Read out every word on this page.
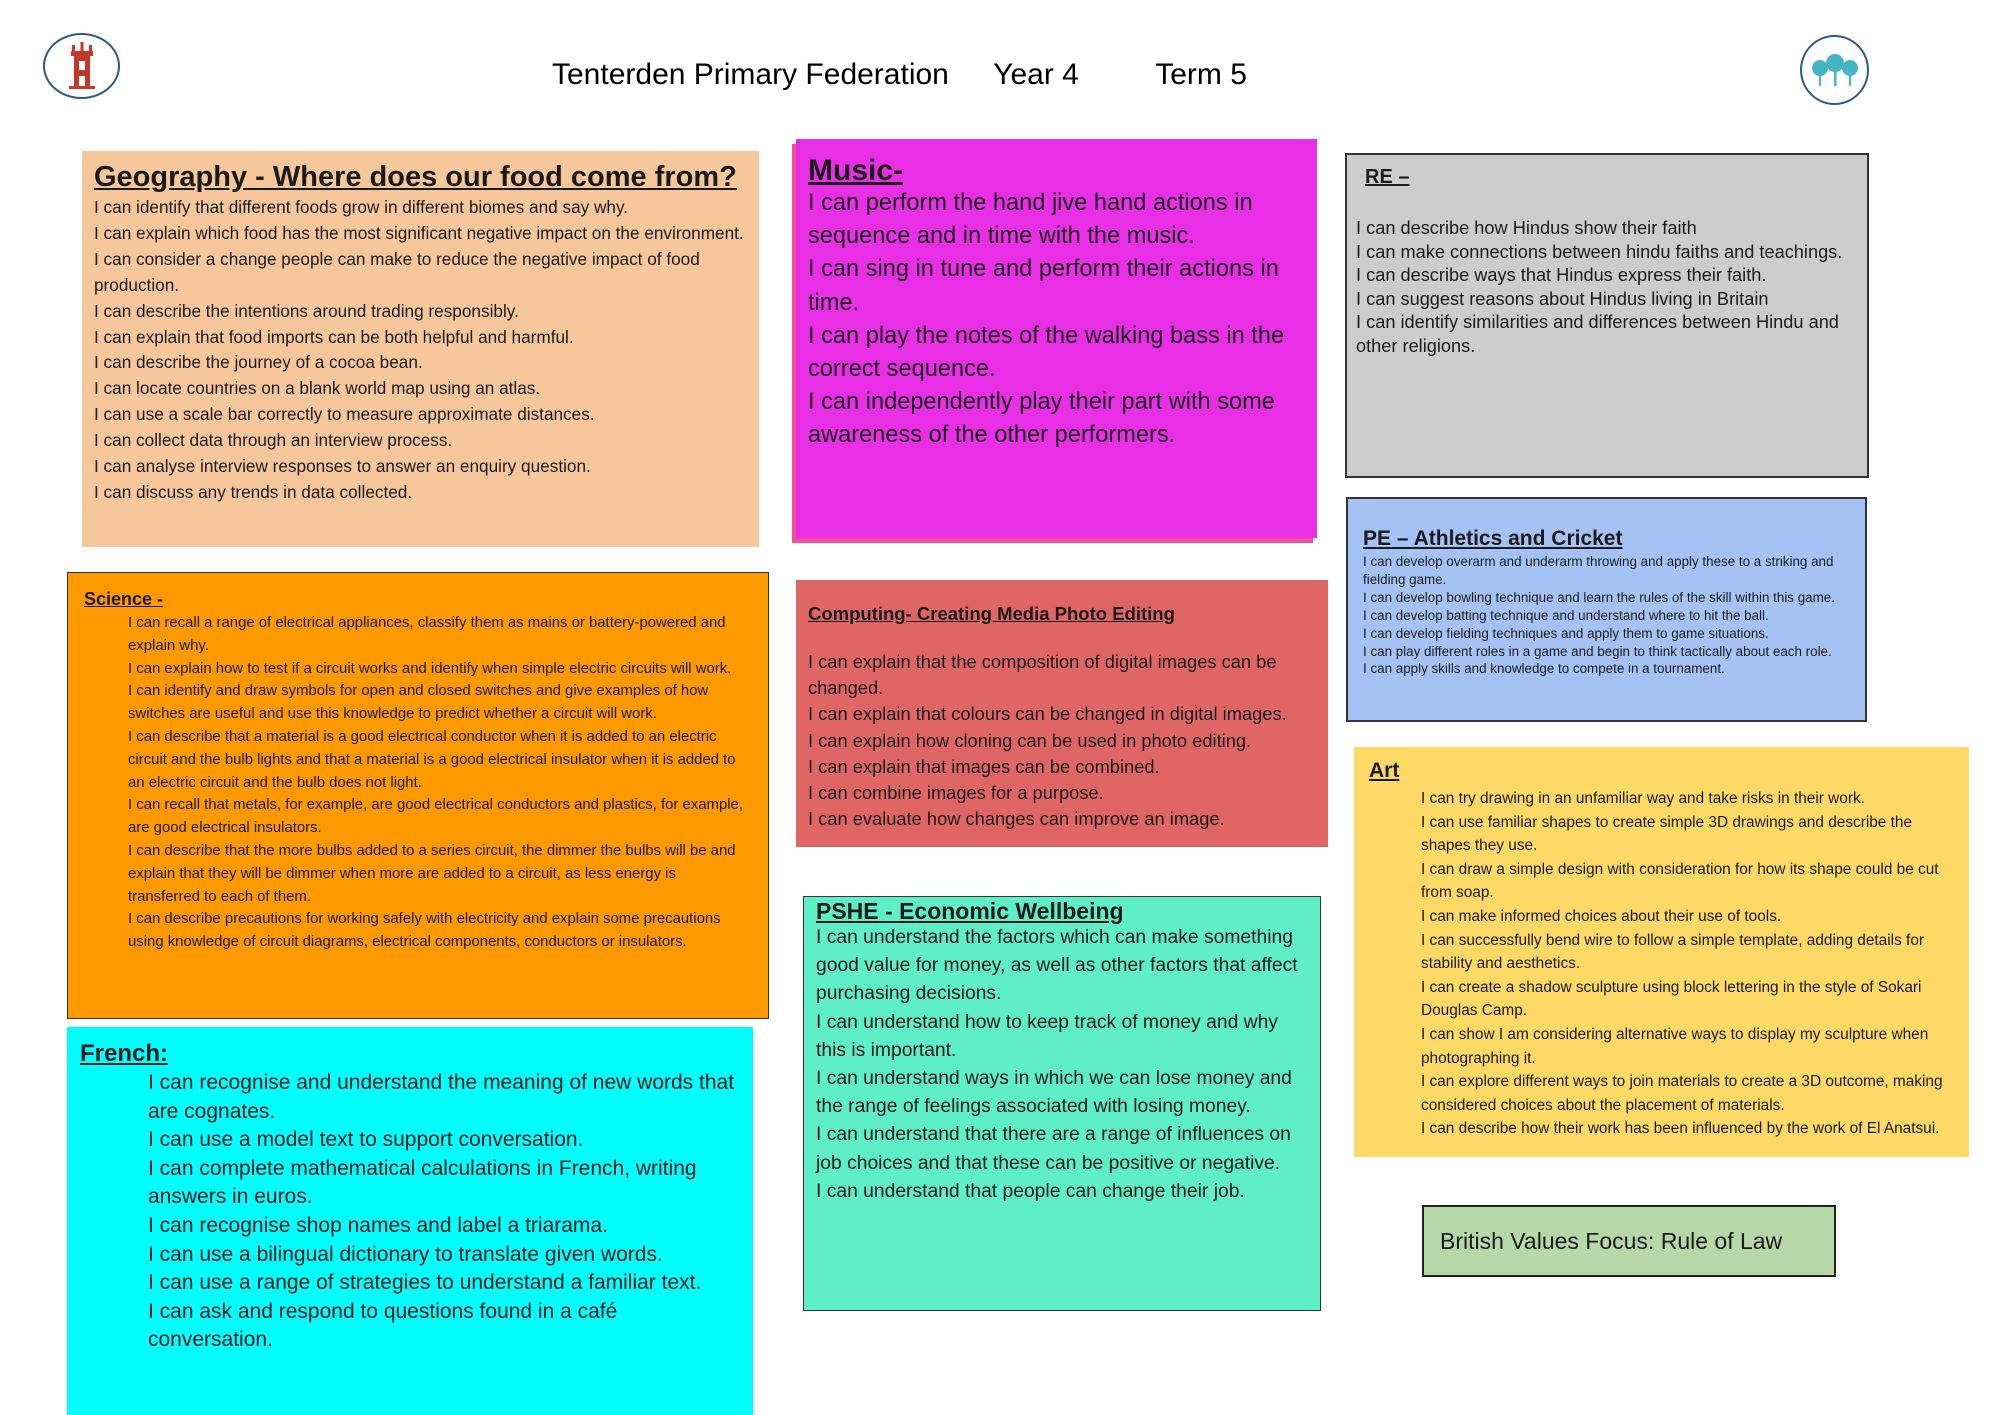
Tenterden Primary Federation Year 4	Term 5
Geography - Where does our food come from?
I can identify that different foods grow in different biomes and say why.
I can explain which food has the most significant negative impact on the environment.
I can consider a change people can make to reduce the negative impact of food production.
I can describe the intentions around trading responsibly.
I can explain that food imports can be both helpful and harmful.
I can describe the journey of a cocoa bean.
I can locate countries on a blank world map using an atlas.
I can use a scale bar correctly to measure approximate distances.
I can collect data through an interview process.
I can analyse interview responses to answer an enquiry question.
I can discuss any trends in data collected.
Music-
I can perform the hand jive hand actions in sequence and in time with the music.
I can sing in tune and perform their actions in time.
I can play the notes of the walking bass in the correct sequence.
I can independently play their part with some awareness of the other performers.
RE –
I can describe how Hindus show their faith
I can make connections between hindu faiths and teachings.
I can describe ways that Hindus express their faith.
I can suggest reasons about Hindus living in Britain
I can identify similarities and differences between Hindu and other religions.
PE – Athletics and Cricket
I can develop overarm and underarm throwing and apply these to a striking and fielding game.
I can develop bowling technique and learn the rules of the skill within this game.
I can develop batting technique and understand where to hit the ball.
I can develop fielding techniques and apply them to game situations.
I can play different roles in a game and begin to think tactically about each role.
I can apply skills and knowledge to compete in a tournament.
Science -
I can recall a range of electrical appliances, classify them as mains or battery-powered and explain why.
I can explain how to test if a circuit works and identify when simple electric circuits will work.
I can identify and draw symbols for open and closed switches and give examples of how switches are useful and use this knowledge to predict whether a circuit will work.
I can describe that a material is a good electrical conductor when it is added to an electric circuit and the bulb lights and that a material is a good electrical insulator when it is added to an electric circuit and the bulb does not light.
I can recall that metals, for example, are good electrical conductors and plastics, for example, are good electrical insulators.
I can describe that the more bulbs added to a series circuit, the dimmer the bulbs will be and explain that they will be dimmer when more are added to a circuit, as less energy is transferred to each of them.
I can describe precautions for working safely with electricity and explain some precautions using knowledge of circuit diagrams, electrical components, conductors or insulators.
Computing- Creating Media Photo Editing
I can explain that the composition of digital images can be changed.
I can explain that colours can be changed in digital images.
I can explain how cloning can be used in photo editing.
I can explain that images can be combined.
I can combine images for a purpose.
I can evaluate how changes can improve an image.
Art
I can try drawing in an unfamiliar way and take risks in their work.
I can use familiar shapes to create simple 3D drawings and describe the shapes they use.
I can draw a simple design with consideration for how its shape could be cut from soap.
I can make informed choices about their use of tools.
I can successfully bend wire to follow a simple template, adding details for stability and aesthetics.
I can create a shadow sculpture using block lettering in the style of Sokari Douglas Camp.
I can show I am considering alternative ways to display my sculpture when photographing it.
I can explore different ways to join materials to create a 3D outcome, making considered choices about the placement of materials.
I can describe how their work has been influenced by the work of El Anatsui.
PSHE - Economic Wellbeing
I can understand the factors which can make something good value for money, as well as other factors that affect purchasing decisions.
I can understand how to keep track of money and why this is important.
I can understand ways in which we can lose money and the range of feelings associated with losing money.
I can understand that there are a range of influences on job choices and that these can be positive or negative.
I can understand that people can change their job.
French:
I can recognise and understand the meaning of new words that are cognates.
I can use a model text to support conversation.
I can complete mathematical calculations in French, writing answers in euros.
I can recognise shop names and label a triarama.
I can use a bilingual dictionary to translate given words.
I can use a range of strategies to understand a familiar text.
I can ask and respond to questions found in a café conversation.
British Values Focus: Rule of Law
